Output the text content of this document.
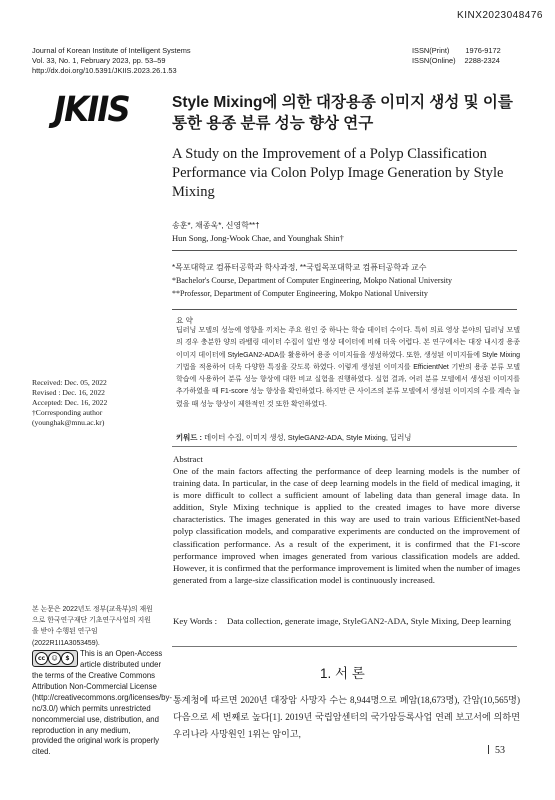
KINX2023048476
Journal of Korean Institute of Intelligent Systems
Vol. 33, No. 1, February 2023, pp. 53–59
http://dx.doi.org/10.5391/JKIIS.2023.26.1.53
ISSN(Print) 1976-9172
ISSN(Online) 2288-2324
JKIIS	Style Mixing에 의한 대장용종 이미지 생성 및 이를 통한 용종 분류 성능 향상 연구
A Study on the Improvement of a Polyp Classification Performance via Colon Polyp Image Generation by Style Mixing
송훈*, 채종욱*, 신영학**†
Hun Song, Jong-Wook Chae, and Younghak Shin†
*목포대학교 컴퓨터공학과 학사과정, **국립목포대학교 컴퓨터공학과 교수
*Bachelor's Course, Department of Computer Engineering, Mokpo National University
**Professor, Department of Computer Engineering, Mokpo National University
요 약
딥러닝 모델의 성능에 영향을 끼치는 주요 원인 중 하나는 학습 데이터 수이다. 특히 의료 영상 분야의 딥러닝 모델의 경우 충분한 양의 라벨링 데이터 수집이 일반 영상 데이터에 비해 더욱 어렵다. 본 연구에서는 대장 내시경 용종 이미지 데이터에 StyleGAN2-ADA를 활용하여 용종 이미지들을 생성하였다. 또한, 생성된 이미지들에 Style Mixing 기법을 적용하여 더욱 다양한 특징을 갖도록 하였다. 이렇게 생성된 이미지를 EfficientNet 기반의 용종 분류 모델 학습에 사용하여 분류 성능 향상에 대한 비교 실험을 진행하였다. 실험 결과, 여러 분류 모델에서 생성된 이미지를 추가하였을 때 F1-score 성능 향상을 확인하였다. 하지만 큰 사이즈의 분류 모델에서 생성된 이미지의 수를 계속 늘렸을 때 성능 향상이 제한적인 것 또한 확인하였다.
Received: Dec. 05, 2022
Revised : Dec. 16, 2022
Accepted: Dec. 16, 2022
†Corresponding author
(younghak@mnu.ac.kr)
키워드 : 데이터 수집, 이미지 생성, StyleGAN2-ADA, Style Mixing, 딥러닝
Abstract
One of the main factors affecting the performance of deep learning models is the number of training data. In particular, in the case of deep learning models in the field of medical imaging, it is more difficult to collect a sufficient amount of labeling data than general image data. In addition, Style Mixing technique is applied to the created images to have more diverse characteristics. The images generated in this way are used to train various EfficientNet-based polyp classification models, and comparative experiments are conducted on the improvement of classification performance. As a result of the experiment, it is confirmed that the F1-score performance improved when images generated from various classification models are added. However, it is confirmed that the performance improvement is limited when the number of images generated from a large-size classification model is continuously increased.
Key Words :	Data collection, generate image, StyleGAN2-ADA, Style Mixing, Deep learning
본 논문은 2022년도 정부(교육부)의 재원으로 한국연구재단 기초연구사업의 지원을 받아 수행된 연구임(2022R1I1A3053459).
cc	☺	$
This is an Open-Access
article distributed under
the terms of the Creative Commons Attribution Non-Commercial License (http://creativecommons.org/licenses/by-nc/3.0/) which permits unrestricted noncommercial use, distribution, and reproduction in any medium, provided the original work is properly cited.
1. 서 론
통계청에 따르면 2020년 대장암 사망자 수는 8,944명으로 폐암(18,673명), 간암(10,565명) 다음으로 세 번째로 높다[1]. 2019년 국립암센터의 국가암등록사업 연례 보고서에 의하면 우리나라 사망원인 1위는 암이고,
53
